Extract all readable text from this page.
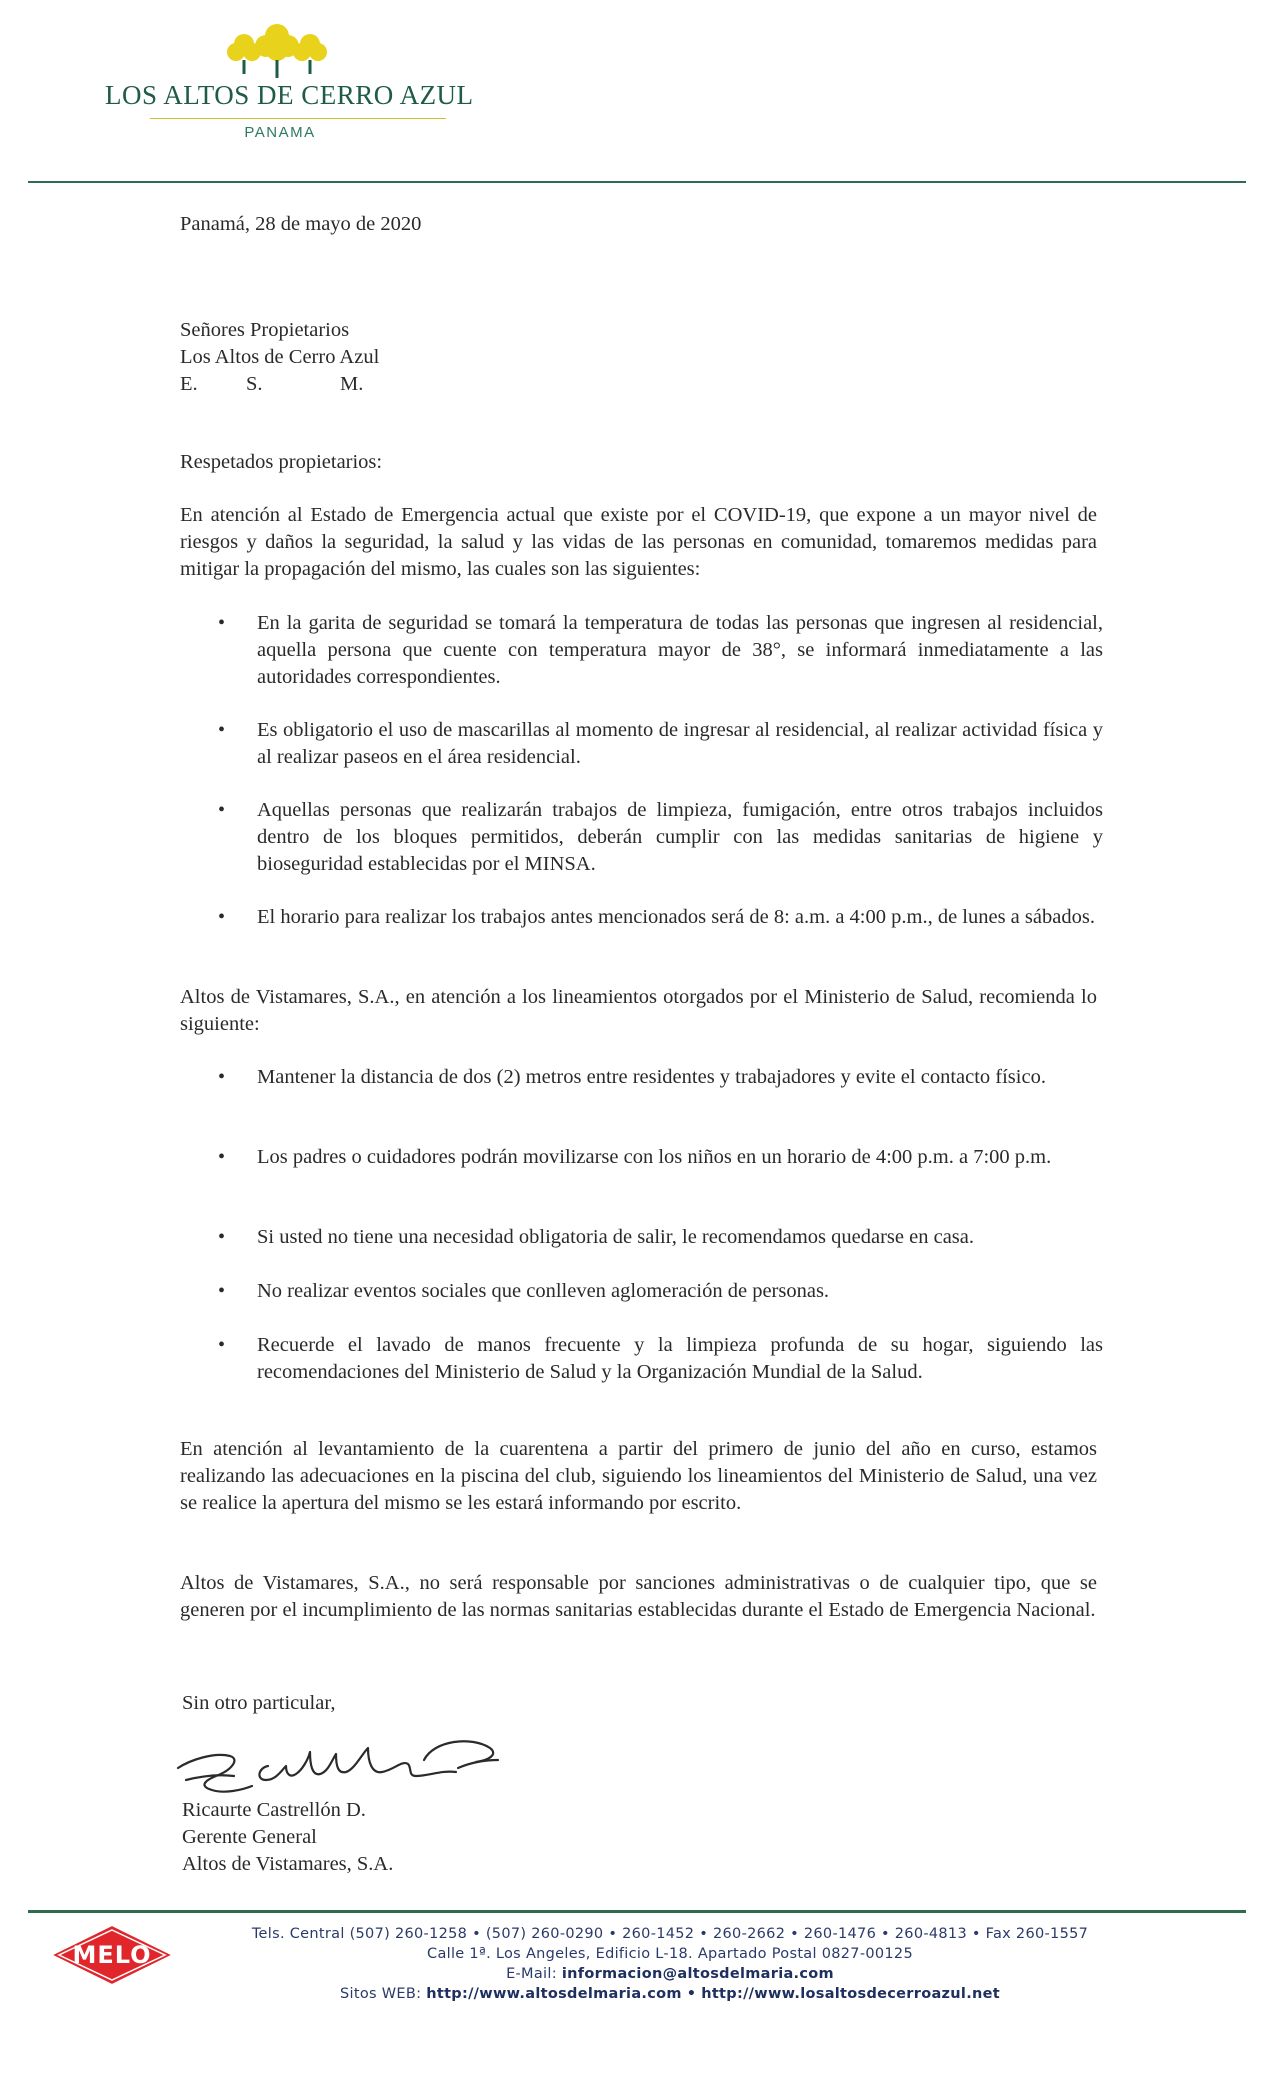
LOS ALTOS DE CERRO AZUL
PANAMA
Panamá, 28 de mayo de 2020
Señores Propietarios
Los Altos de Cerro Azul
E. S.	M.
Respetados propietarios:

En atención al Estado de Emergencia actual que existe por el COVID-19, que expone a un mayor nivel de riesgos y daños la seguridad, la salud y las vidas de las personas en comunidad, tomaremos medidas para mitigar la propagación del mismo, las cuales son las siguientes:

• En la garita de seguridad se tomará la temperatura de todas las personas que ingresen al residencial, aquella persona que cuente con temperatura mayor de 38°, se informará inmediatamente a las autoridades correspondientes.

• Es obligatorio el uso de mascarillas al momento de ingresar al residencial, al realizar actividad física y al realizar paseos en el área residencial.

• Aquellas personas que realizarán trabajos de limpieza, fumigación, entre otros trabajos incluidos dentro de los bloques permitidos, deberán cumplir con las medidas sanitarias de higiene y bioseguridad establecidas por el MINSA.

• El horario para realizar los trabajos antes mencionados será de 8: a.m. a 4:00 p.m., de lunes a sábados.

Altos de Vistamares, S.A., en atención a los lineamientos otorgados por el Ministerio de Salud, recomienda lo siguiente:

• Mantener la distancia de dos (2) metros entre residentes y trabajadores y evite el contacto físico.

• Los padres o cuidadores podrán movilizarse con los niños en un horario de 4:00 p.m. a 7:00 p.m.

• Si usted no tiene una necesidad obligatoria de salir, le recomendamos quedarse en casa.

• No realizar eventos sociales que conlleven aglomeración de personas.

• Recuerde el lavado de manos frecuente y la limpieza profunda de su hogar, siguiendo las recomendaciones del Ministerio de Salud y la Organización Mundial de la Salud.

En atención al levantamiento de la cuarentena a partir del primero de junio del año en curso, estamos realizando las adecuaciones en la piscina del club, siguiendo los lineamientos del Ministerio de Salud, una vez se realice la apertura del mismo se les estará informando por escrito.

Altos de Vistamares, S.A., no será responsable por sanciones administrativas o de cualquier tipo, que se generen por el incumplimiento de las normas sanitarias establecidas durante el Estado de Emergencia Nacional.

Sin otro particular,
Ricaurte Castrellón D.
Gerente General
Altos de Vistamares, S.A.
MELO
Tels. Central (507) 260-1258 • (507) 260-0290 • 260-1452 • 260-2662 • 260-1476 • 260-4813 • Fax 260-1557
Calle 1ª. Los Angeles, Edificio L-18. Apartado Postal 0827-00125
E-Mail: informacion@altosdelmaria.com
Sitos WEB: http://www.altosdelmaria.com • http://www.losaltosdecerroazul.net
